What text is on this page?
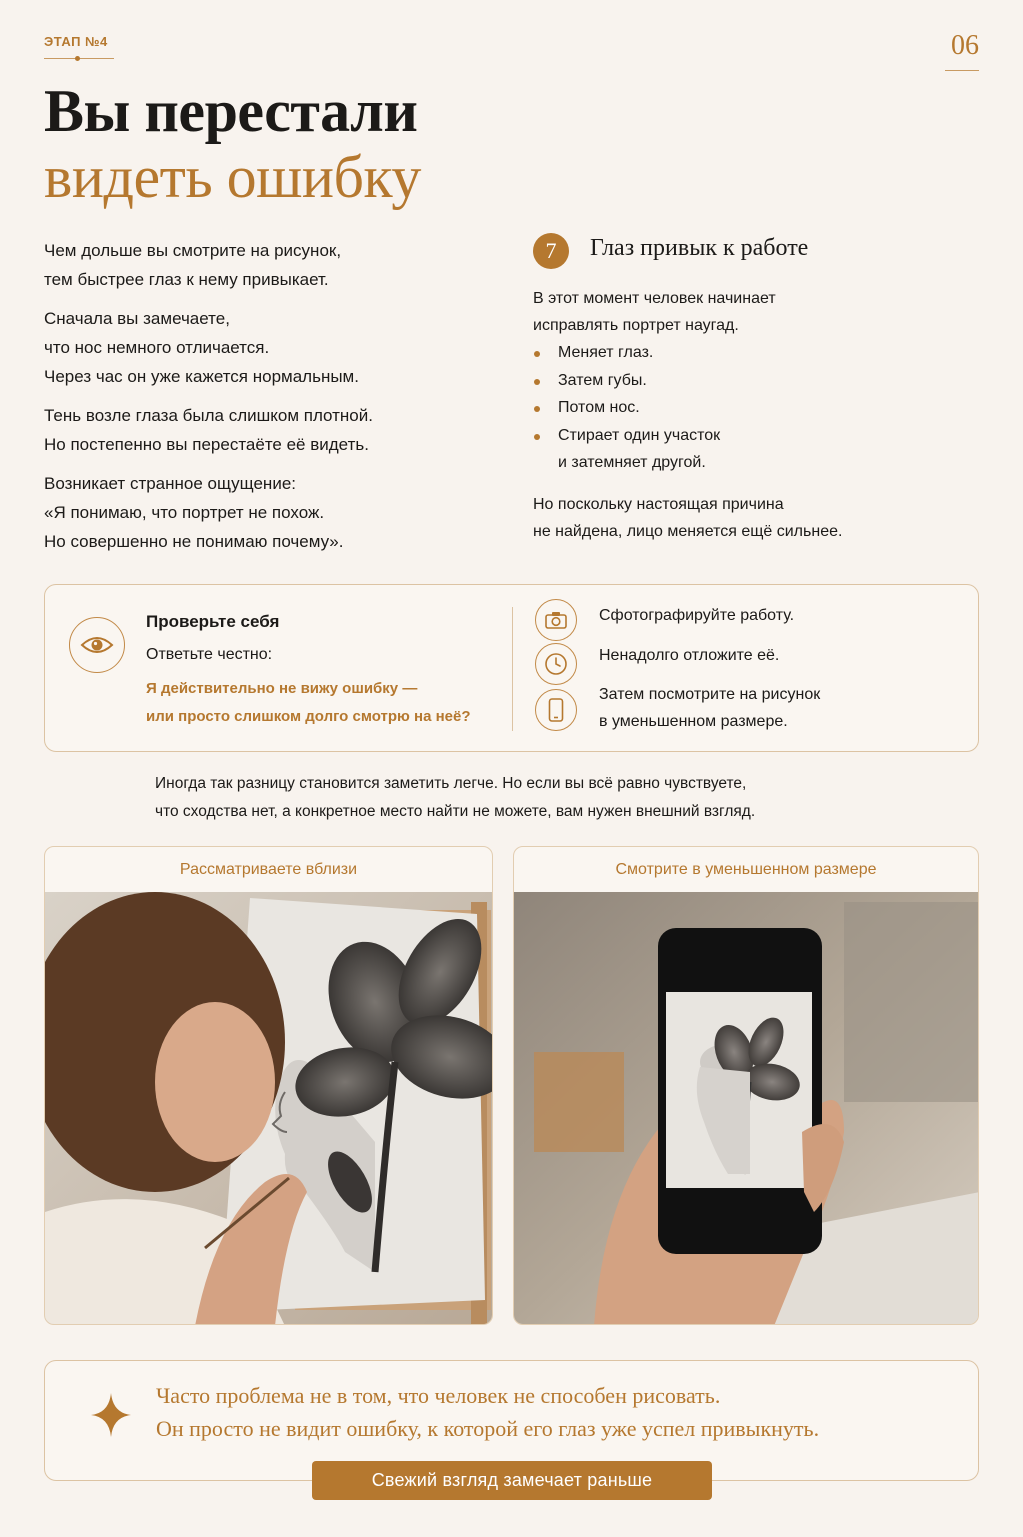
ЭТАП №4	06
Вы перестали
видеть ошибку

Чем дольше вы смотрите на рисунок,
тем быстрее глаз к нему привыкает.

Сначала вы замечаете,
что нос немного отличается.
Через час он уже кажется нормальным.

Тень возле глаза была слишком плотной.
Но постепенно вы перестаёте её видеть.

Возникает странное ощущение:
«Я понимаю, что портрет не похож.
Но совершенно не понимаю почему».

7	Глаз привык к работе
В этот момент человек начинает
исправлять портрет наугад.
Меняет глаз.
Затем губы.
Потом нос.
Стирает один участок
и затемняет другой.
Но поскольку настоящая причина
не найдена, лицо меняется ещё сильнее.
Проверьте себя
Ответьте честно:
Я действительно не вижу ошибку —
или просто слишком долго смотрю на неё?
Сфотографируйте работу.
Ненадолго отложите её.
Затем посмотрите на рисунок
в уменьшенном размере.
Иногда так разницу становится заметить легче. Но если вы всё равно чувствуете,
что сходства нет, а конкретное место найти не можете, вам нужен внешний взгляд.
Рассматриваете вблизи	Смотрите в уменьшенном размере
Часто проблема не в том, что человек не способен рисовать.
Он просто не видит ошибку, к которой его глаз уже успел привыкнуть.
Свежий взгляд замечает раньше
